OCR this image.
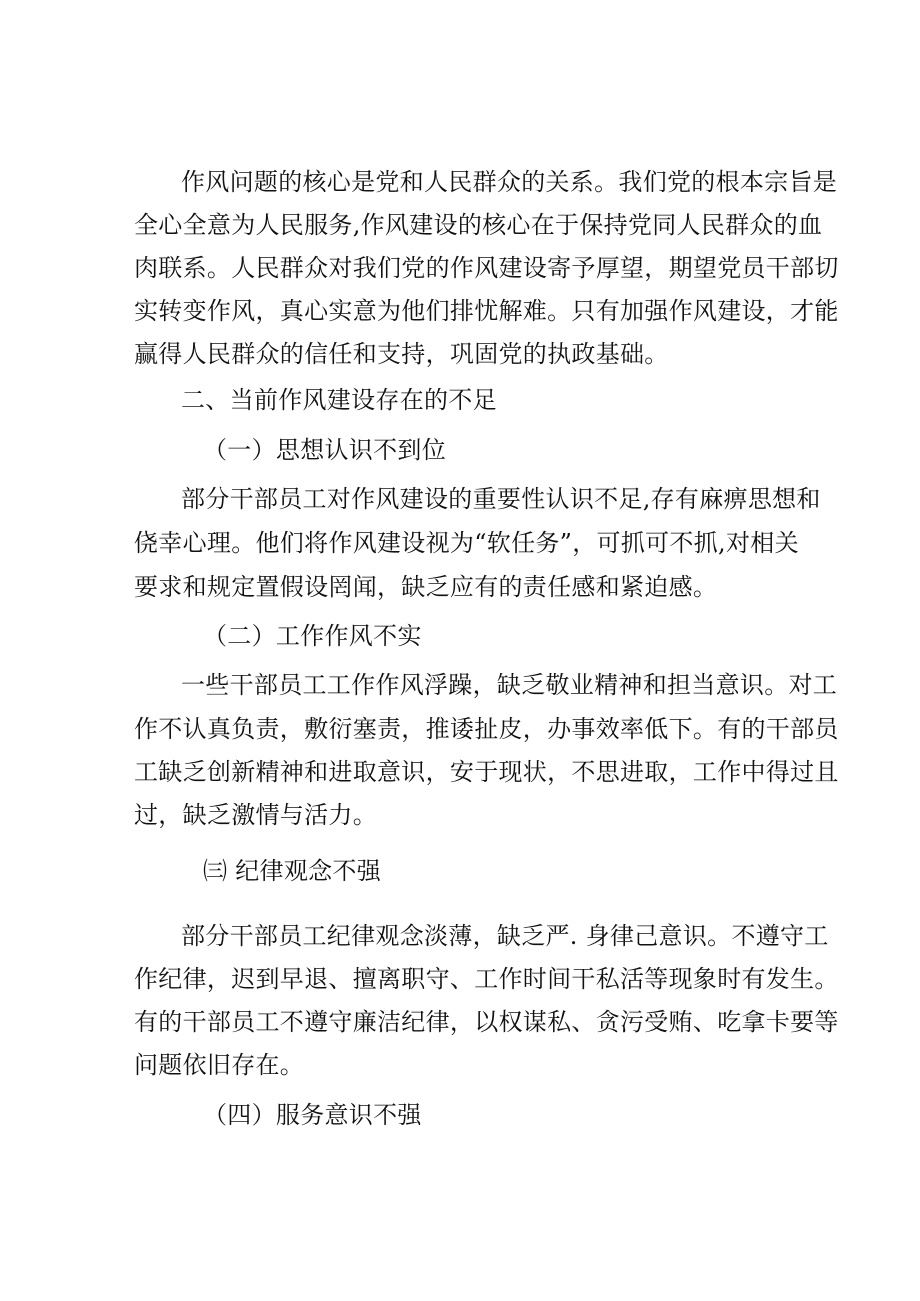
作风问题的核心是党和人民群众的关系。我们党的根本宗旨是

全心全意为人民服务,作风建设的核心在于保持党同人民群众的血

肉联系。人民群众对我们党的作风建设寄予厚望，期望党员干部切

实转变作风，真心实意为他们排忧解难。只有加强作风建设，才能

赢得人民群众的信任和支持，巩固党的执政基础。

二、当前作风建设存在的不足

（一）思想认识不到位

部分干部员工对作风建设的重要性认识不足,存有麻痹思想和

侥幸心理。他们将作风建设视为“软任务”，可抓可不抓,对相关

要求和规定置假设罔闻，缺乏应有的责任感和紧迫感。

（二）工作作风不实

一些干部员工工作作风浮躁，缺乏敬业精神和担当意识。对工

作不认真负责，敷衍塞责，推诿扯皮，办事效率低下。有的干部员

工缺乏创新精神和进取意识，安于现状，不思进取，工作中得过且

过，缺乏激情与活力。

㈢ 纪律观念不强

部分干部员工纪律观念淡薄，缺乏严. 身律己意识。不遵守工

作纪律，迟到早退、擅离职守、工作时间干私活等现象时有发生。

有的干部员工不遵守廉洁纪律，以权谋私、贪污受贿、吃拿卡要等

问题依旧存在。

（四）服务意识不强
